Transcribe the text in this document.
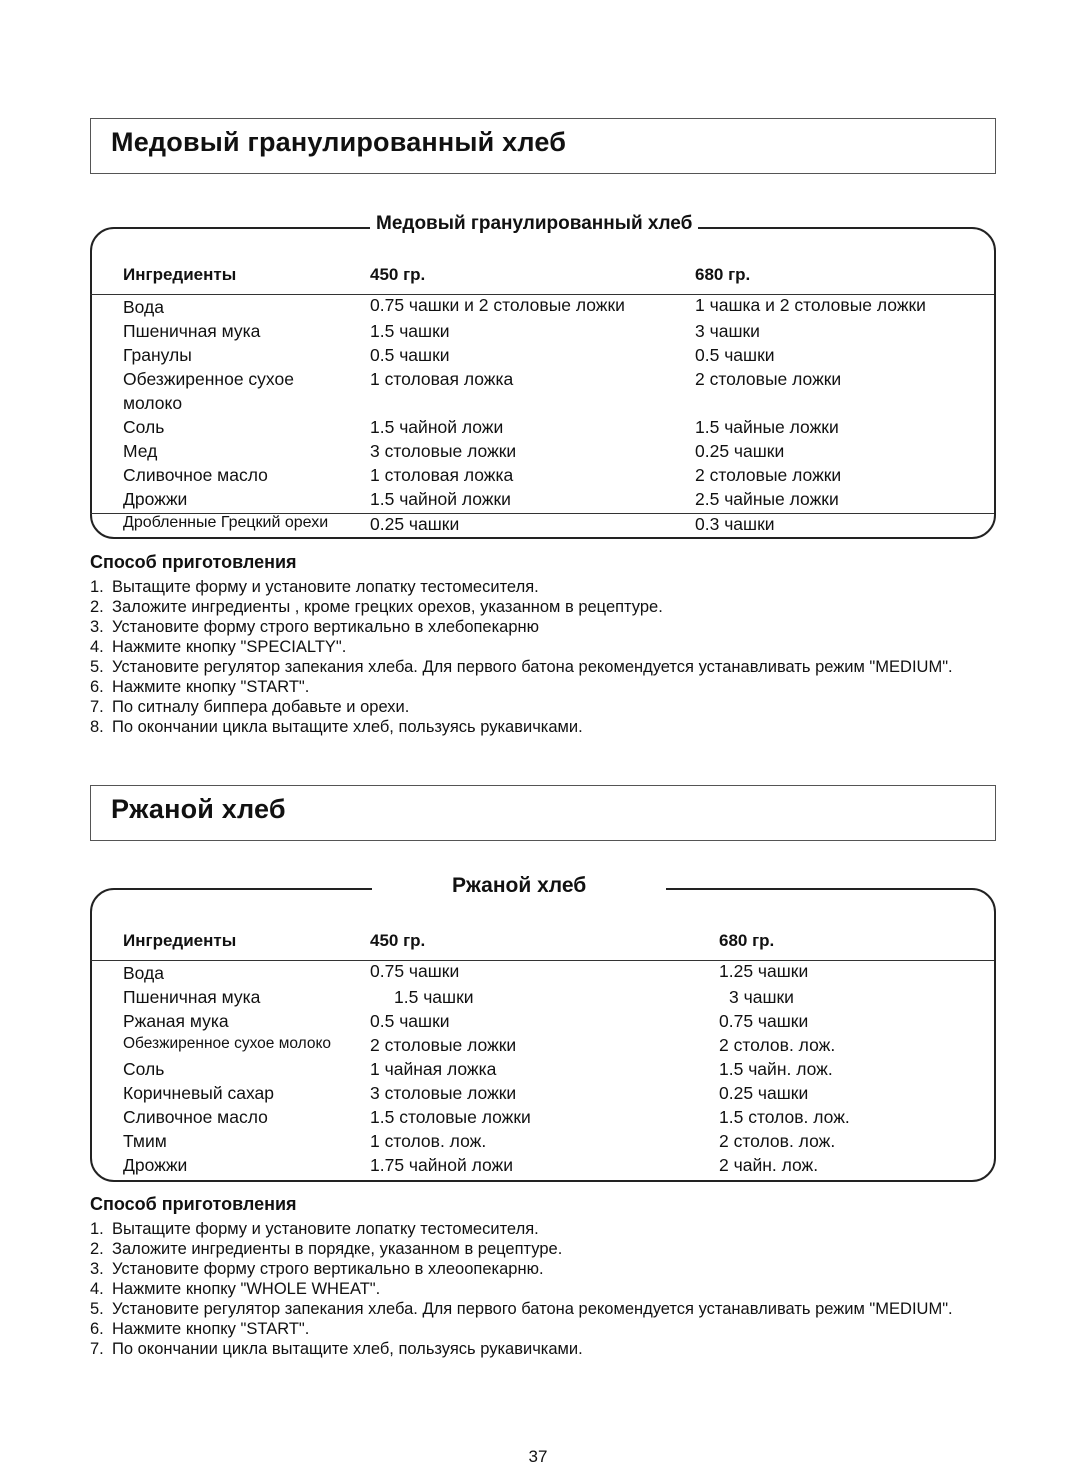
Медовый гранулированный хлеб
Медовый гранулированный хлеб
Ингредиенты	450 гр.	680 гр.
Вода	0.75 чашки и 2 столовые ложки	1 чашка и 2 столовые ложки
Пшеничная мука	1.5 чашки	3 чашки
Гранулы	0.5 чашки	0.5 чашки
Обезжиренное сухое	1 столовая ложка	2 столовые ложки
молоко		
Соль	1.5 чайной ложи	1.5 чайные ложки
Мед	3 столовые ложки	0.25 чашки
Сливочное масло	1 столовая ложка	2 столовые ложки
Дрожжи	1.5 чайной ложки	2.5 чайные ложки
Дробленные Грецкий орехи	0.25 чашки	0.3 чашки
Способ приготовления
1. Вытащите форму и установите лопатку тестомесителя.
2. Заложите ингредиенты , кроме грецких орехов, указанном в рецептуре.
3. Установите форму строго вертикально в хлебопекарню
4. Нажмите кнопку "SPECIALTY".
5. Установите регулятор запекания хлеба. Для первого батона рекомендуется устанавливать режим "MEDIUM".
6. Нажмите кнопку "START".
7. По ситналу биппера добавьте и орехи.
8. По окончании цикла вытащите хлеб, пользуясь рукавичками.
Ржаной хлеб
Ржаной хлеб
Ингредиенты	450 гр.	680 гр.
Вода	0.75 чашки	1.25 чашки
Пшеничная мука	1.5 чашки	3 чашки
Ржаная мука	0.5 чашки	0.75 чашки
Обезжиренное сухое молоко	2 столовые ложки	2 столов. лож.
Соль	1 чайная ложка	1.5 чайн. лож.
Коричневый сахар	3 столовые ложки	0.25 чашки
Сливочное масло	1.5 столовые ложки	1.5 столов. лож.
Тмим	1 столов. лож.	2 столов. лож.
Дрожжи	1.75 чайной ложи	2 чайн. лож.
Способ приготовления
1. Вытащите форму и установите лопатку тестомесителя.
2. Заложите ингредиенты в порядке, указанном в рецептуре.
3. Установите форму строго вертикально в хлеоопекарню.
4. Нажмите кнопку "WHOLE WHEAT".
5. Установите регулятор запекания хлеба. Для первого батона рекомендуется устанавливать режим "MEDIUM".
6. Нажмите кнопку "START".
7. По окончании цикла вытащите хлеб, пользуясь рукавичками.
37
